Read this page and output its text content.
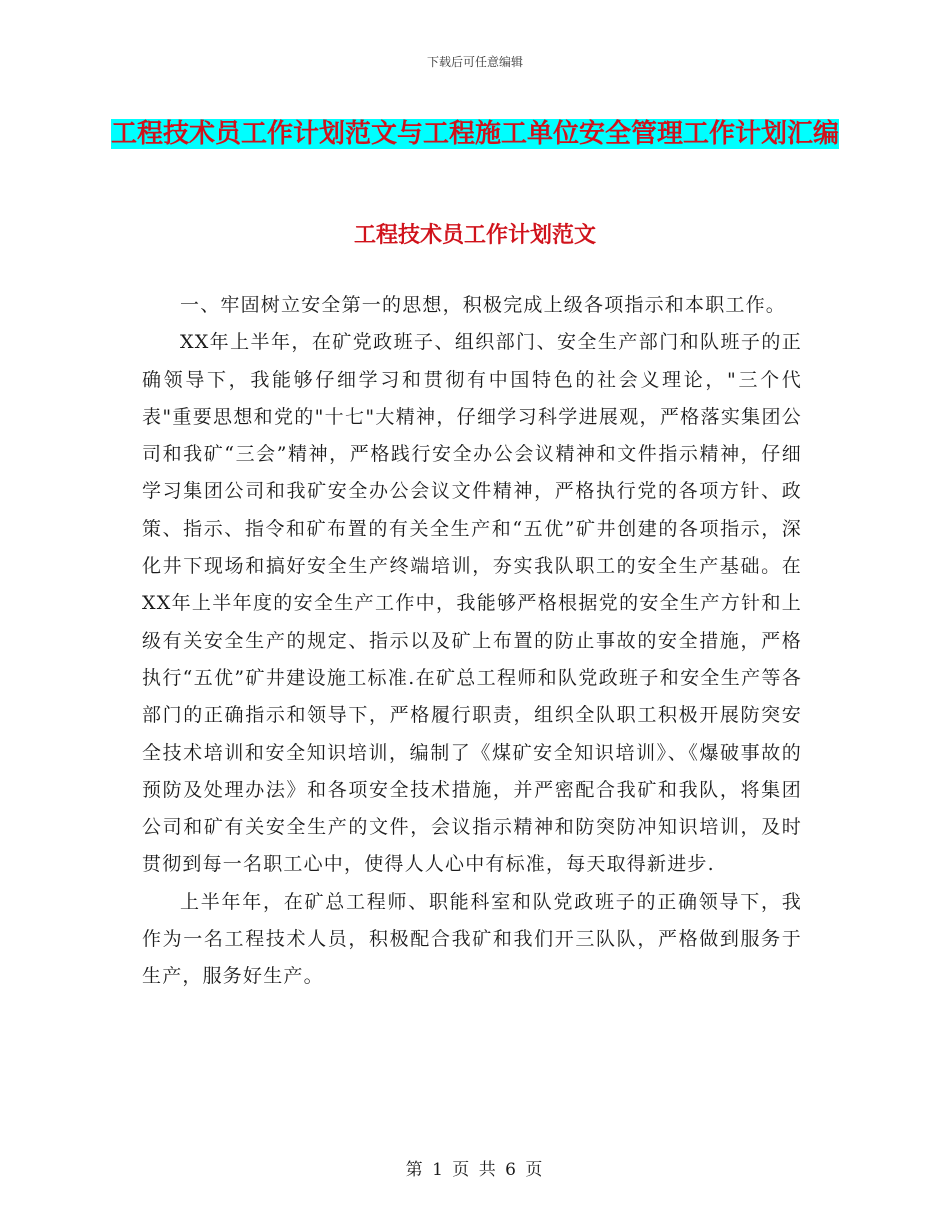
下载后可任意编辑
工程技术员工作计划范文与工程施工单位安全管理工作计划汇编
工程技术员工作计划范文

一、牢固树立安全第一的思想，积极完成上级各项指示和本职工作。

XX年上半年，在矿党政班子、组织部门、安全生产部门和队班子的正确领导下，我能够仔细学习和贯彻有中国特色的社会义理论，"三个代表"重要思想和党的"十七"大精神，仔细学习科学进展观，严格落实集团公司和我矿“三会”精神，严格践行安全办公会议精神和文件指示精神，仔细学习集团公司和我矿安全办公会议文件精神，严格执行党的各项方针、政策、指示、指令和矿布置的有关全生产和“五优”矿井创建的各项指示，深化井下现场和搞好安全生产终端培训，夯实我队职工的安全生产基础。在XX年上半年度的安全生产工作中，我能够严格根据党的安全生产方针和上级有关安全生产的规定、指示以及矿上布置的防止事故的安全措施，严格执行“五优”矿井建设施工标准.在矿总工程师和队党政班子和安全生产等各部门的正确指示和领导下，严格履行职责，组织全队职工积极开展防突安全技术培训和安全知识培训，编制了《煤矿安全知识培训》、《爆破事故的预防及处理办法》和各项安全技术措施，并严密配合我矿和我队，将集团公司和矿有关安全生产的文件，会议指示精神和防突防冲知识培训，及时贯彻到每一名职工心中，使得人人心中有标准，每天取得新进步.

上半年年，在矿总工程师、职能科室和队党政班子的正确领导下，我作为一名工程技术人员，积极配合我矿和我们开三队队，严格做到服务于生产，服务好生产。

第 1 页 共 6 页
